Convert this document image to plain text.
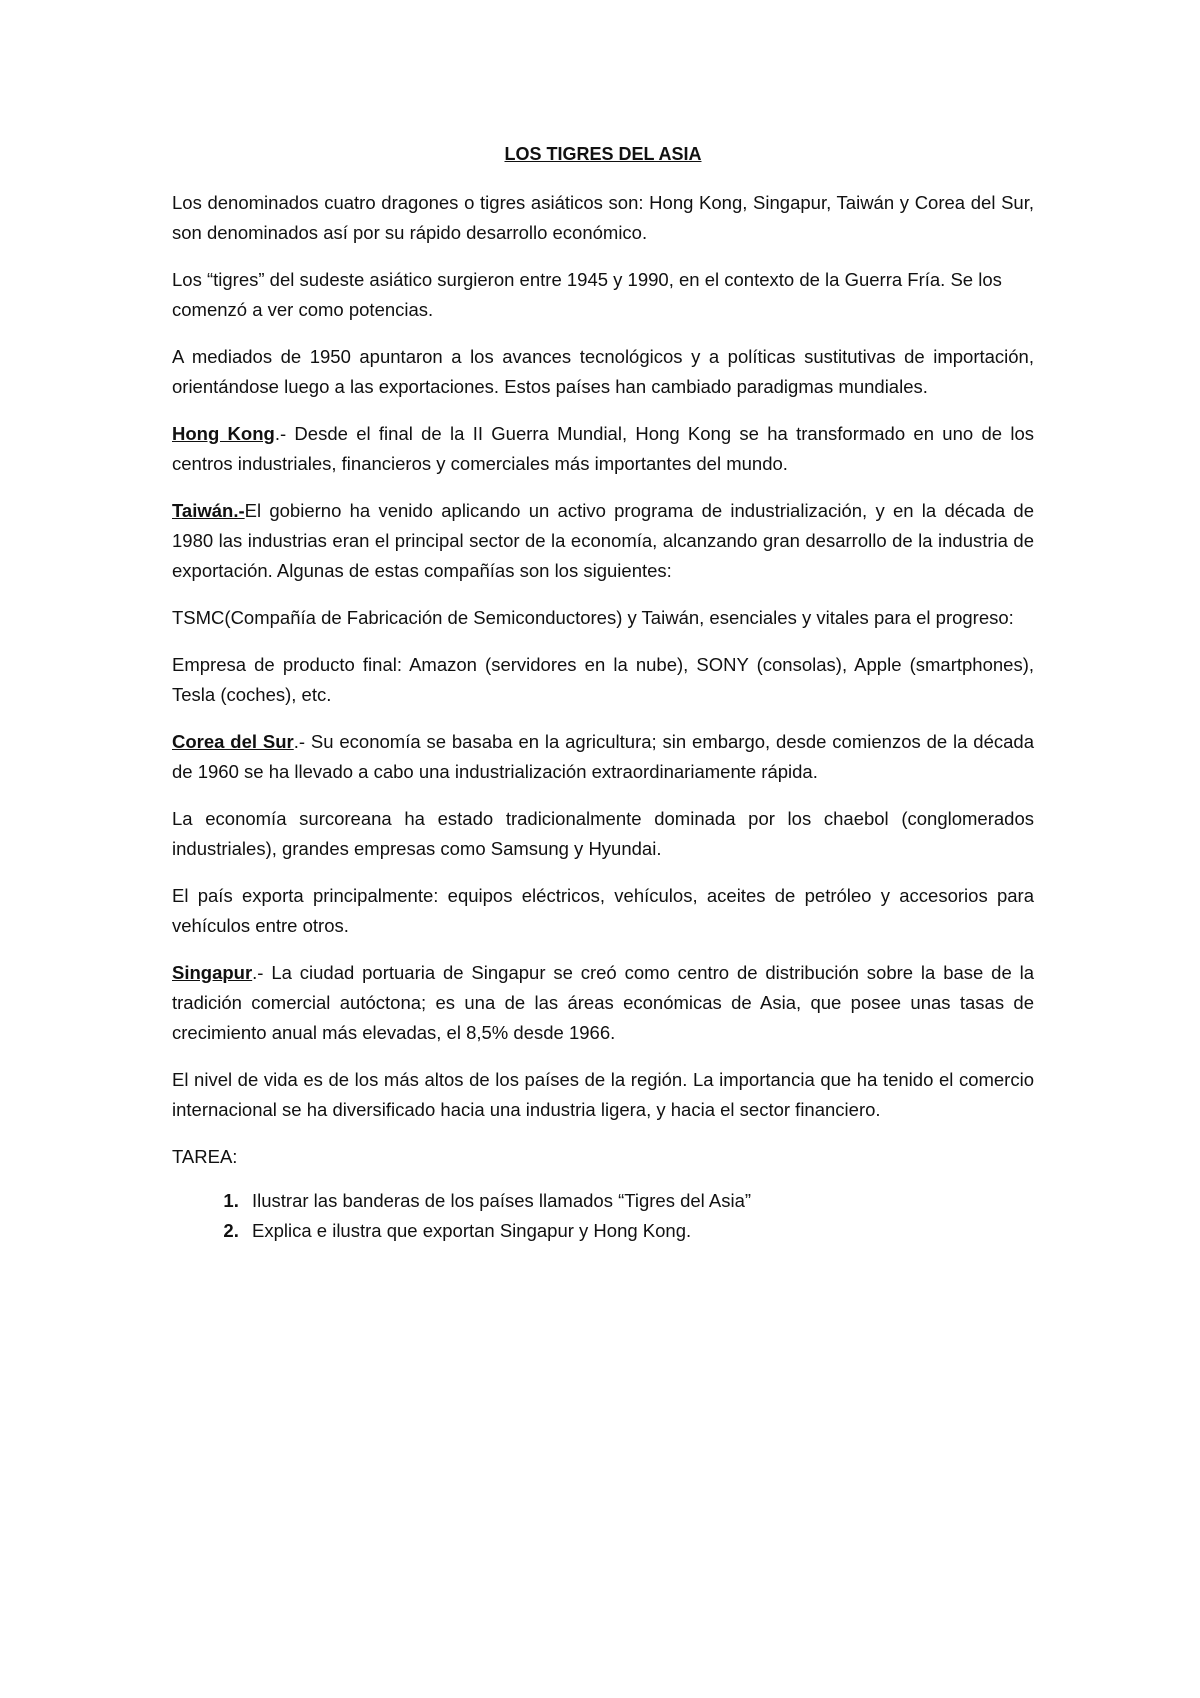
LOS TIGRES DEL ASIA

Los denominados cuatro dragones o tigres asiáticos son: Hong Kong, Singapur, Taiwán y Corea del Sur, son denominados así por su rápido desarrollo económico.

Los “tigres” del sudeste asiático surgieron entre 1945 y 1990, en el contexto de la Guerra Fría. Se los comenzó a ver como potencias.

A mediados de 1950 apuntaron a los avances tecnológicos y a políticas sustitutivas de importación, orientándose luego a las exportaciones. Estos países han cambiado paradigmas mundiales.

Hong Kong.- Desde el final de la II Guerra Mundial, Hong Kong se ha transformado en uno de los centros industriales, financieros y comerciales más importantes del mundo.

Taiwán.-El gobierno ha venido aplicando un activo programa de industrialización, y en la década de 1980 las industrias eran el principal sector de la economía, alcanzando gran desarrollo de la industria de exportación. Algunas de estas compañías son los siguientes:

TSMC(Compañía de Fabricación de Semiconductores) y Taiwán, esenciales y vitales para el progreso:

Empresa de producto final: Amazon (servidores en la nube), SONY (consolas), Apple (smartphones), Tesla (coches), etc.

Corea del Sur.- Su economía se basaba en la agricultura; sin embargo, desde comienzos de la década de 1960 se ha llevado a cabo una industrialización extraordinariamente rápida.

La economía surcoreana ha estado tradicionalmente dominada por los chaebol (conglomerados industriales), grandes empresas como Samsung y Hyundai.

El país exporta principalmente: equipos eléctricos, vehículos, aceites de petróleo y accesorios para vehículos entre otros.

Singapur.- La ciudad portuaria de Singapur se creó como centro de distribución sobre la base de la tradición comercial autóctona; es una de las áreas económicas de Asia, que posee unas tasas de crecimiento anual más elevadas, el 8,5% desde 1966.

El nivel de vida es de los más altos de los países de la región. La importancia que ha tenido el comercio internacional se ha diversificado hacia una industria ligera, y hacia el sector financiero.

TAREA:
1. Ilustrar las banderas de los países llamados “Tigres del Asia”
2. Explica e ilustra que exportan Singapur y Hong Kong.
